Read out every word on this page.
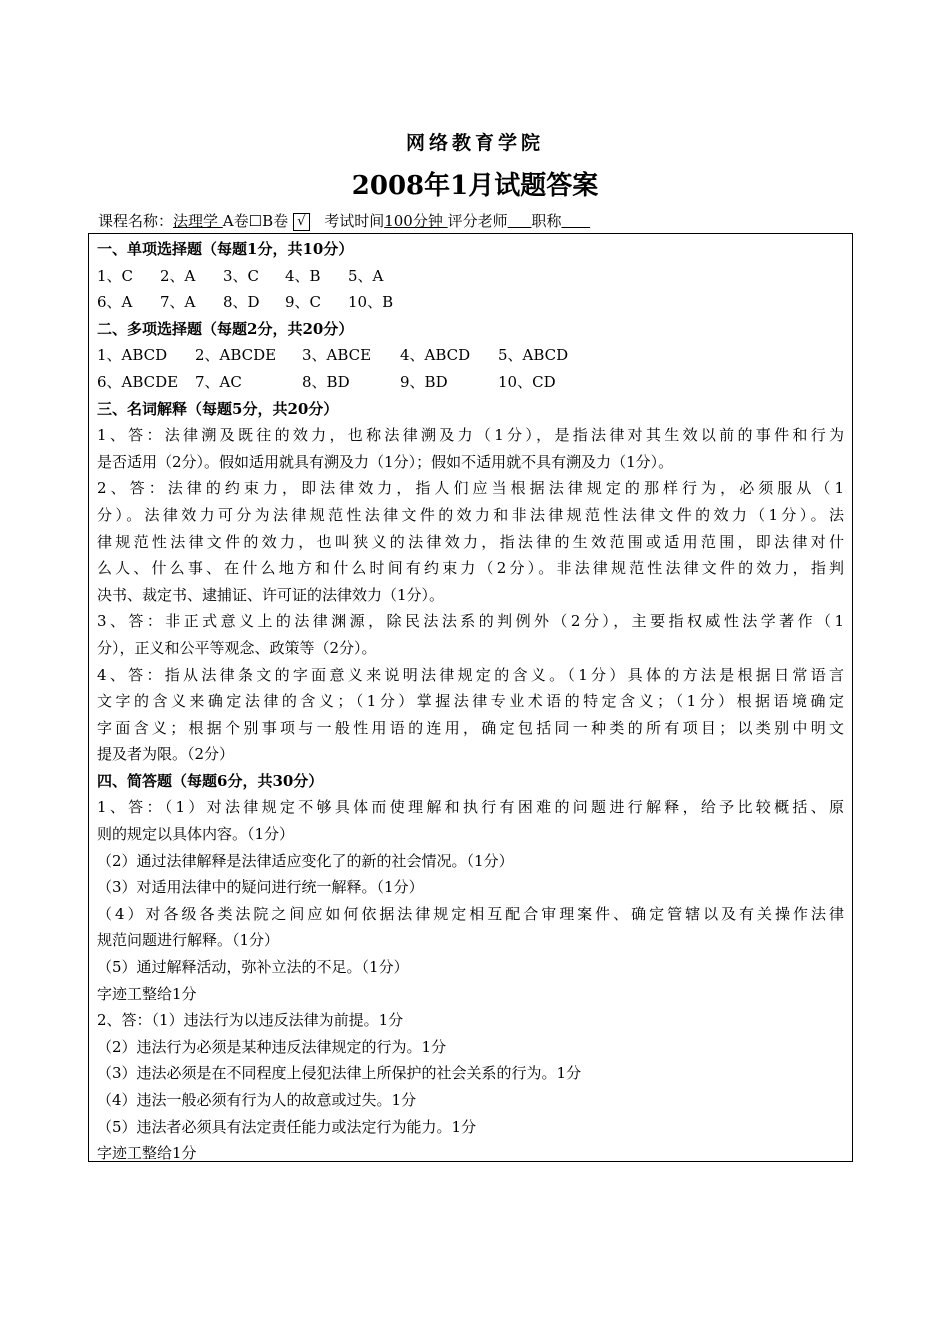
网络教育学院
2008年1月试题答案
课程名称：法理学 A卷☐B卷 √ 考试时间100分钟 评分老师 职称
一、单项选择题（每题1分，共10分）
1、C	2、A	3、C	4、B	5、A
6、A	7、A	8、D	9、C	10、B
二、多项选择题（每题2分，共20分）
1、ABCD	2、ABCDE	3、ABCE	4、ABCD	5、ABCD
6、ABCDE	7、AC	8、BD	9、BD	10、CD
三、名词解释（每题5分，共20分）
1、答：法律溯及既往的效力，也称法律溯及力（1分），是指法律对其生效以前的事件和行为
是否适用（2分）。假如适用就具有溯及力（1分）；假如不适用就不具有溯及力（1分）。
2、答：法律的约束力，即法律效力，指人们应当根据法律规定的那样行为，必须服从（1
分）。法律效力可分为法律规范性法律文件的效力和非法律规范性法律文件的效力（1分）。法
律规范性法律文件的效力，也叫狭义的法律效力，指法律的生效范围或适用范围，即法律对什
么人、什么事、在什么地方和什么时间有约束力（2分）。非法律规范性法律文件的效力，指判
决书、裁定书、逮捕证、许可证的法律效力（1分）。
3、答：非正式意义上的法律渊源，除民法法系的判例外（2分），主要指权威性法学著作（1
分），正义和公平等观念、政策等（2分）。
4、答：指从法律条文的字面意义来说明法律规定的含义。（1分）具体的方法是根据日常语言
文字的含义来确定法律的含义；（1分）掌握法律专业术语的特定含义；（1分）根据语境确定
字面含义；根据个别事项与一般性用语的连用，确定包括同一种类的所有项目；以类别中明文
提及者为限。（2分）
四、简答题（每题6分，共30分）
1、答：（1）对法律规定不够具体而使理解和执行有困难的问题进行解释，给予比较概括、原
则的规定以具体内容。（1分）
（2）通过法律解释是法律适应变化了的新的社会情况。（1分）
（3）对适用法律中的疑问进行统一解释。（1分）
（4）对各级各类法院之间应如何依据法律规定相互配合审理案件、确定管辖以及有关操作法律
规范问题进行解释。（1分）
（5）通过解释活动，弥补立法的不足。（1分）
字迹工整给1分
2、答：（1）违法行为以违反法律为前提。1分
（2）违法行为必须是某种违反法律规定的行为。1分
（3）违法必须是在不同程度上侵犯法律上所保护的社会关系的行为。1分
（4）违法一般必须有行为人的故意或过失。1分
（5）违法者必须具有法定责任能力或法定行为能力。1分
字迹工整给1分
